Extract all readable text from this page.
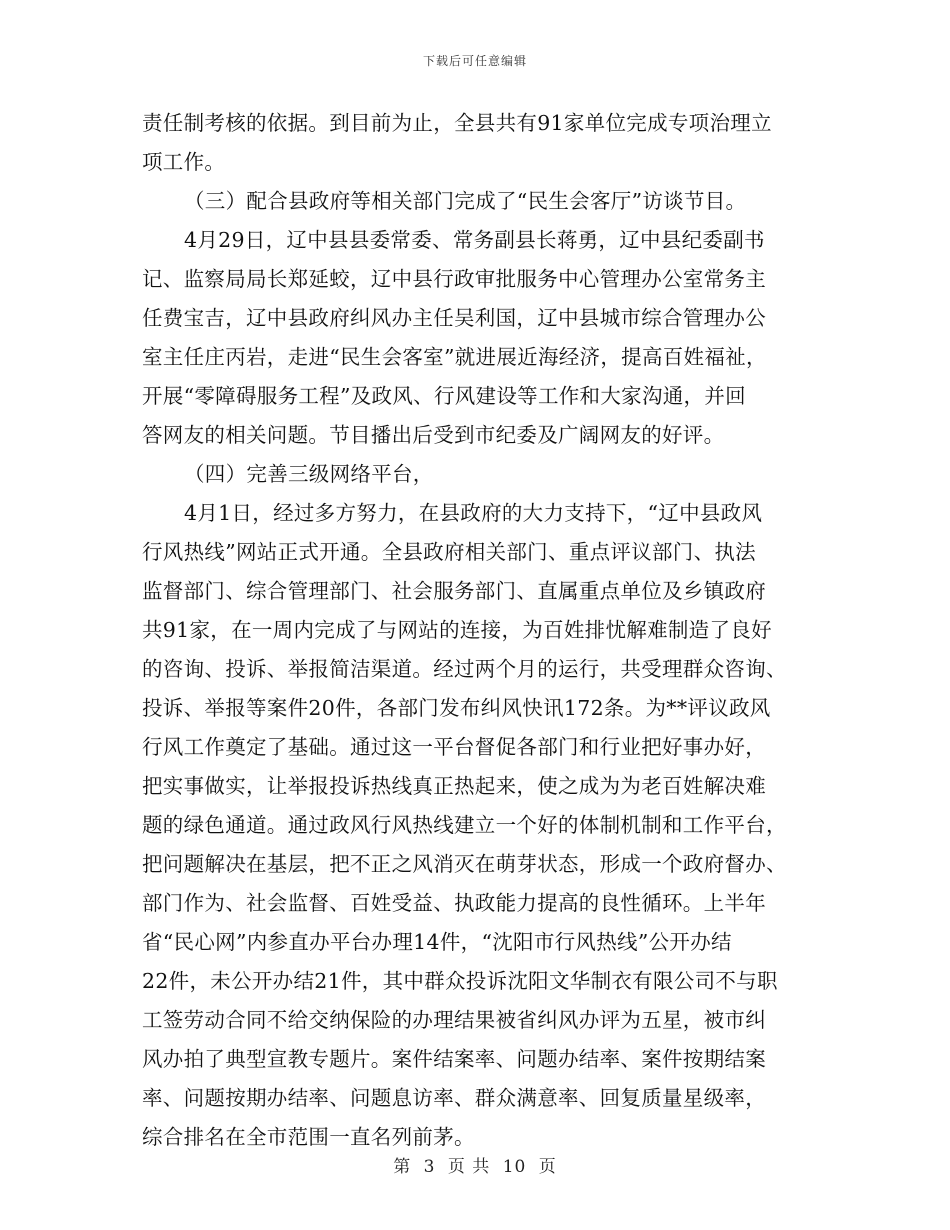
下载后可任意编辑
责任制考核的依据。到目前为止，全县共有91家单位完成专项治理立
项工作。
（三）配合县政府等相关部门完成了“民生会客厅”访谈节目。
4月29日，辽中县县委常委、常务副县长蒋勇，辽中县纪委副书
记、监察局局长郑延蛟，辽中县行政审批服务中心管理办公室常务主
任费宝吉，辽中县政府纠风办主任吴利国，辽中县城市综合管理办公
室主任庄丙岩，走进“民生会客室”就进展近海经济，提高百姓福祉，
开展“零障碍服务工程”及政风、行风建设等工作和大家沟通，并回
答网友的相关问题。节目播出后受到市纪委及广阔网友的好评。
（四）完善三级网络平台，
4月1日，经过多方努力，在县政府的大力支持下，“辽中县政风
行风热线”网站正式开通。全县政府相关部门、重点评议部门、执法
监督部门、综合管理部门、社会服务部门、直属重点单位及乡镇政府
共91家，在一周内完成了与网站的连接，为百姓排忧解难制造了良好
的咨询、投诉、举报简洁渠道。经过两个月的运行，共受理群众咨询、
投诉、举报等案件20件，各部门发布纠风快讯172条。为**评议政风
行风工作奠定了基础。通过这一平台督促各部门和行业把好事办好，
把实事做实，让举报投诉热线真正热起来，使之成为为老百姓解决难
题的绿色通道。通过政风行风热线建立一个好的体制机制和工作平台，
把问题解决在基层，把不正之风消灭在萌芽状态，形成一个政府督办、
部门作为、社会监督、百姓受益、执政能力提高的良性循环。上半年
省“民心网”内参直办平台办理14件，“沈阳市行风热线”公开办结
22件，未公开办结21件，其中群众投诉沈阳文华制衣有限公司不与职
工签劳动合同不给交纳保险的办理结果被省纠风办评为五星，被市纠
风办拍了典型宣教专题片。案件结案率、问题办结率、案件按期结案
率、问题按期办结率、问题息访率、群众满意率、回复质量星级率，
综合排名在全市范围一直名列前茅。
第 3 页 共 10 页
